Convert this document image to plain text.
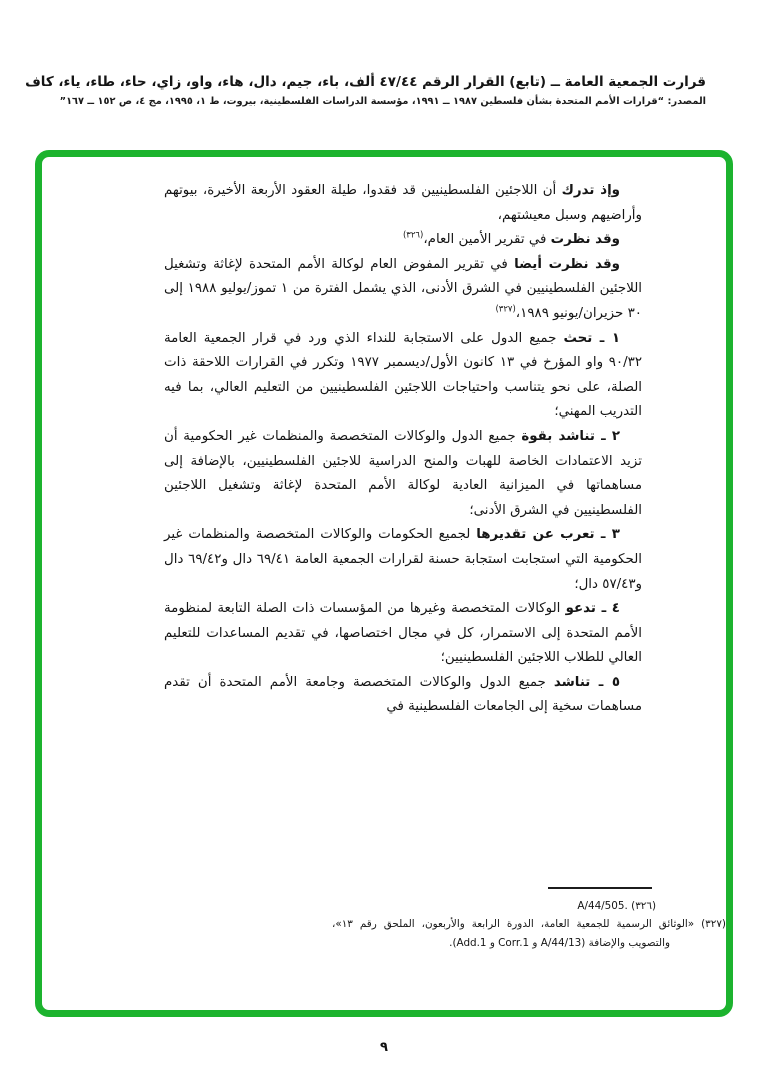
قرارت الجمعية العامة ــ (تابع) القرار الرقم ٤٧/٤٤ ألف، باء، جيم، دال، هاء، واو، زاي، حاء، طاء، ياء، كاف
المصدر: “قرارات الأمم المتحدة بشأن فلسطين ١٩٨٧ ــ ١٩٩١، مؤسسة الدراسات الفلسطينية، بيروت، ط ١، ١٩٩٥، مج ٤، ص ١٥٢ ــ ١٦٧”

وإذ تدرك أن اللاجئين الفلسطينيين قد فقدوا، طيلة العقود الأربعة الأخيرة، بيوتهم وأراضيهم وسبل معيشتهم،

وقد نظرت في تقرير الأمين العام،$^{(٣٢٦)}$

وقد نظرت أيضا في تقرير المفوض العام لوكالة الأمم المتحدة لإغاثة وتشغيل اللاجئين الفلسطينيين في الشرق الأدنى، الذي يشمل الفترة من ١ تموز/يوليو ١٩٨٨ إلى ٣٠ حزيران/يونيو ١٩٨٩،$^{(٣٢٧)}$

١ ـ تحث جميع الدول على الاستجابة للنداء الذي ورد في قرار الجمعية العامة ٩٠/٣٢ واو المؤرخ في ١٣ كانون الأول/ديسمبر ١٩٧٧ وتكرر في القرارات اللاحقة ذات الصلة، على نحو يتناسب واحتياجات اللاجئين الفلسطينيين من التعليم العالي، بما فيه التدريب المهني؛

٢ ـ تناشد بقوة جميع الدول والوكالات المتخصصة والمنظمات غير الحكومية أن تزيد الاعتمادات الخاصة للهبات والمنح الدراسية للاجئين الفلسطينيين، بالإضافة إلى مساهماتها في الميزانية العادية لوكالة الأمم المتحدة لإغاثة وتشغيل اللاجئين الفلسطينيين في الشرق الأدنى؛

٣ ـ تعرب عن تقديرها لجميع الحكومات والوكالات المتخصصة والمنظمات غير الحكومية التي استجابت استجابة حسنة لقرارات الجمعية العامة ٦٩/٤١ دال و٦٩/٤٢ دال و٥٧/٤٣ دال؛

٤ ـ تدعو الوكالات المتخصصة وغيرها من المؤسسات ذات الصلة التابعة لمنظومة الأمم المتحدة إلى الاستمرار، كل في مجال اختصاصها، في تقديم المساعدات للتعليم العالي للطلاب اللاجئين الفلسطينيين؛

٥ ـ تناشد جميع الدول والوكالات المتخصصة وجامعة الأمم المتحدة أن تقدم مساهمات سخية إلى الجامعات الفلسطينية في

(٣٢٦) A/44/505.

(٣٢٧) «الوثائق الرسمية للجمعية العامة، الدورة الرابعة والأربعون، الملحق رقم ١٣»، والتصويب والإضافة (A/44/13 و Corr.1 و Add.1).

٩
